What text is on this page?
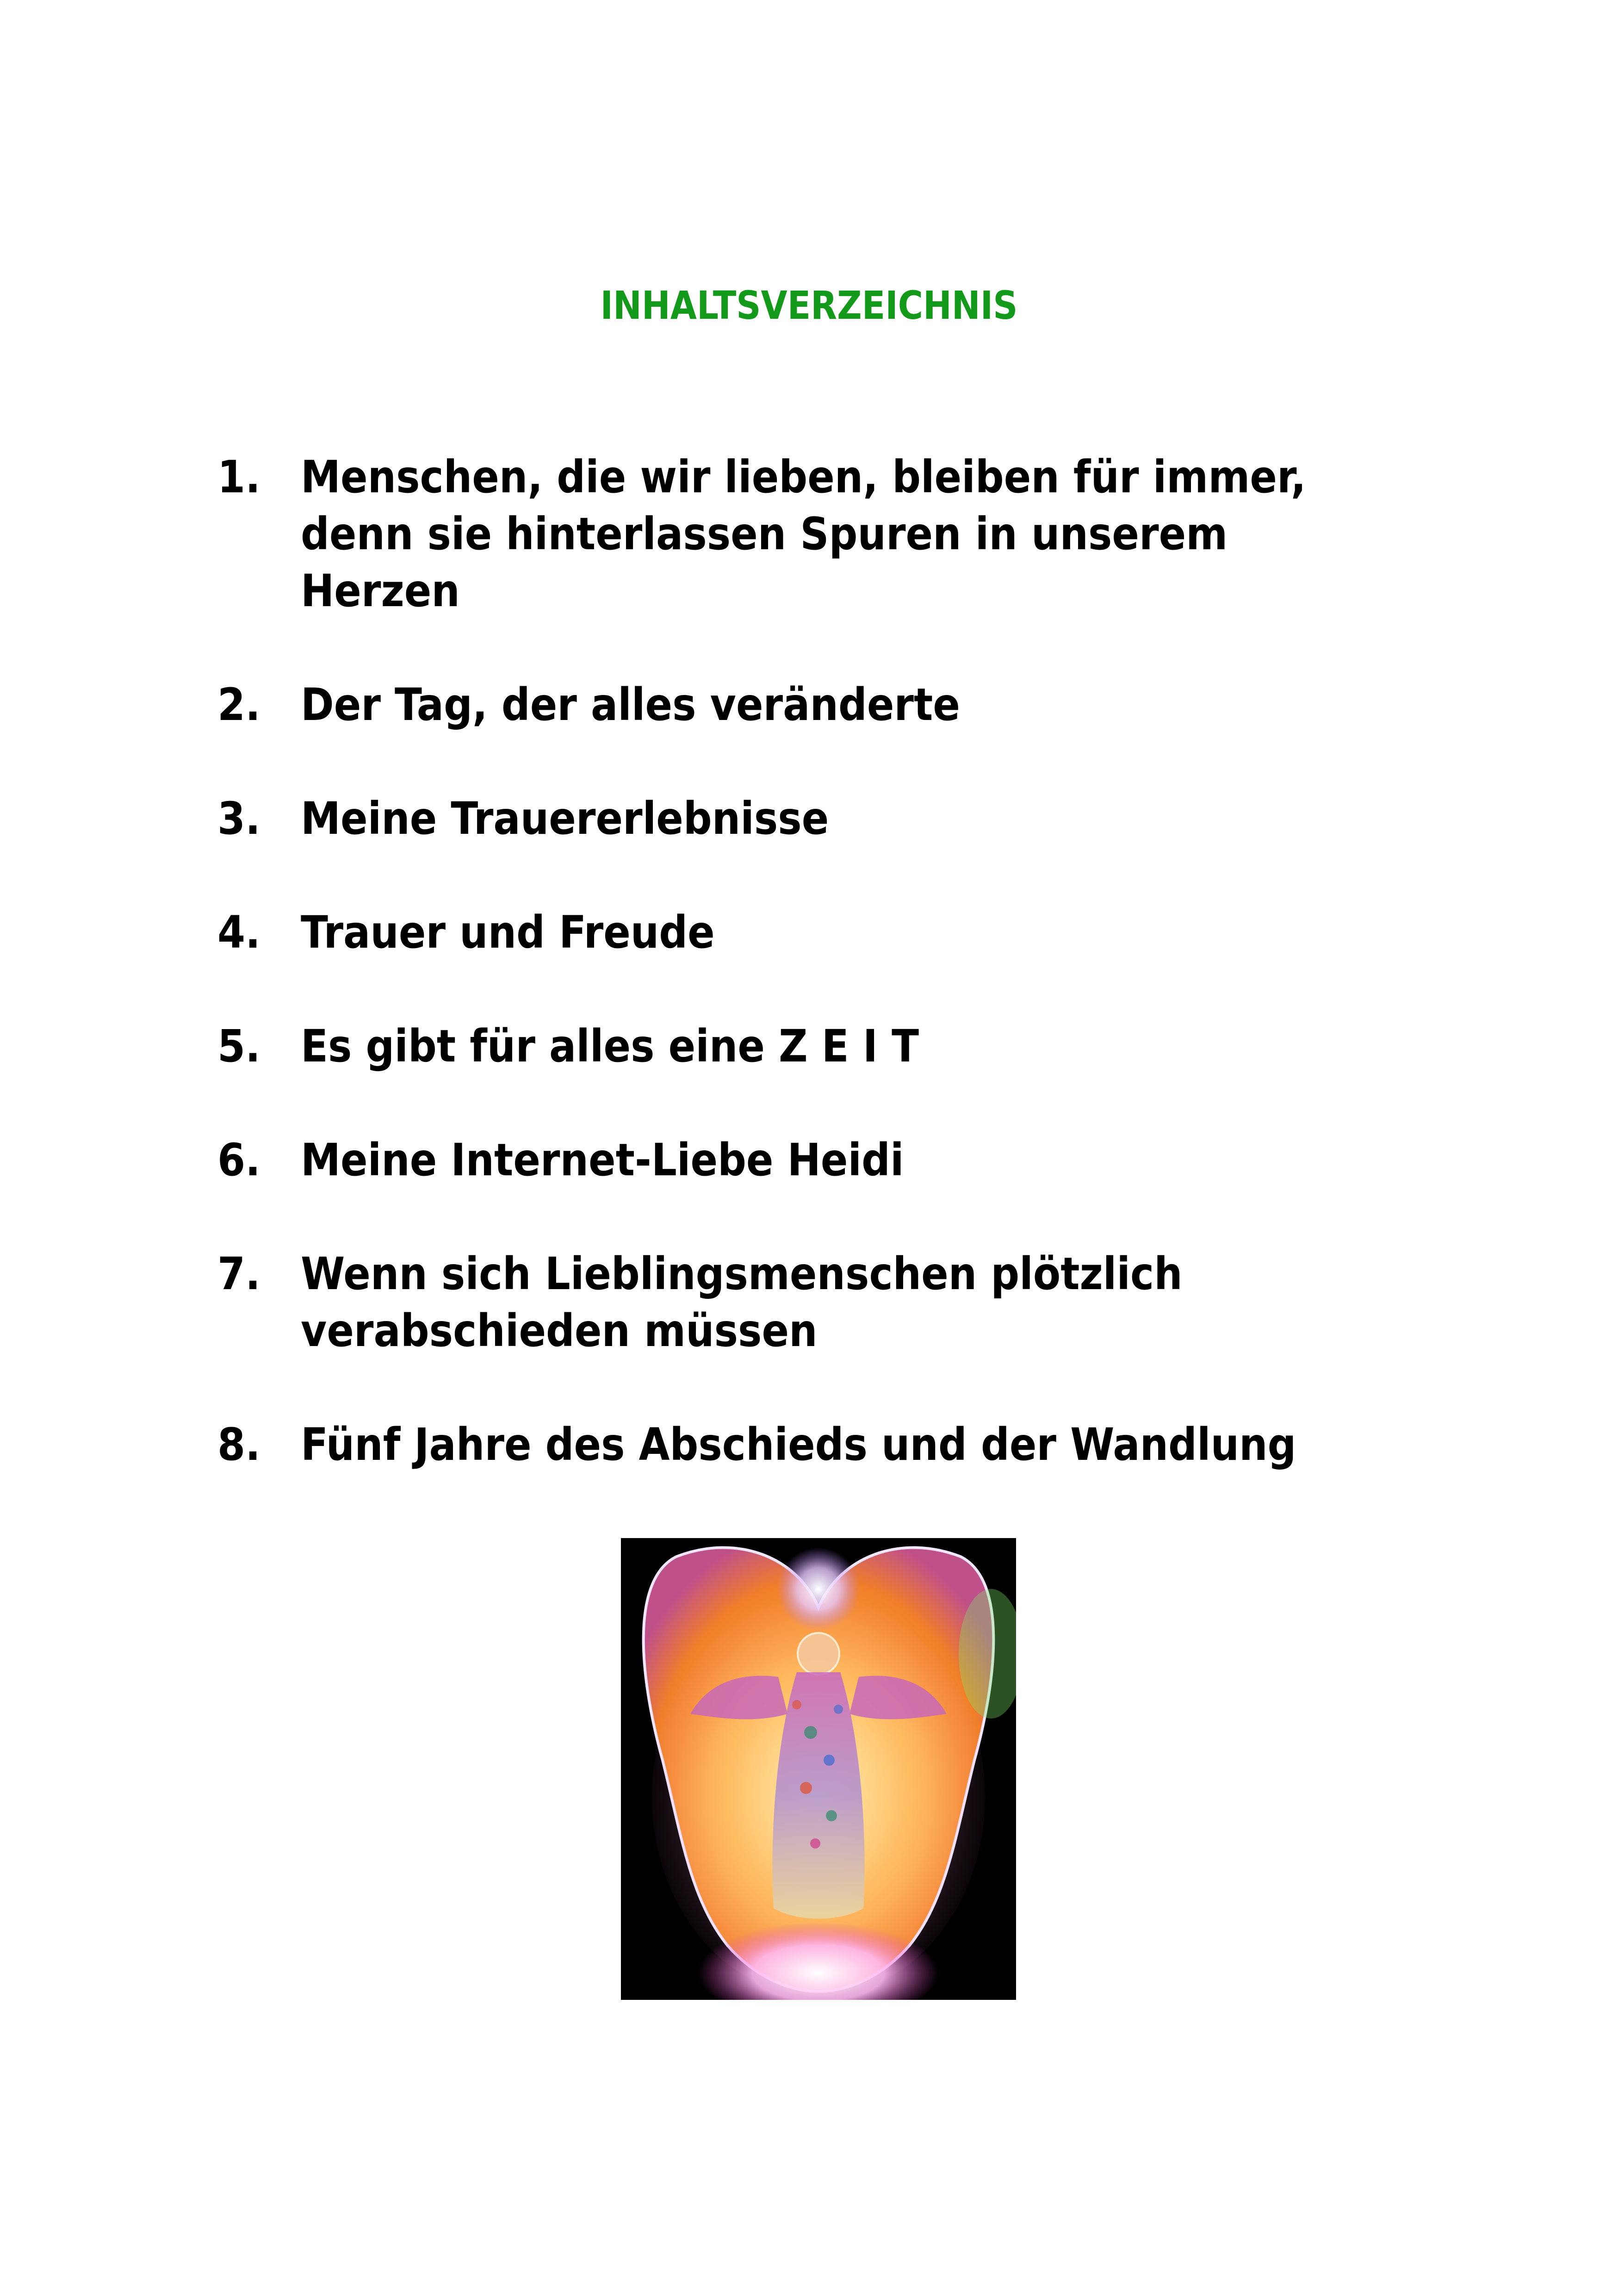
INHALTSVERZEICHNIS
1. Menschen, die wir lieben, bleiben für immer,
denn sie hinterlassen Spuren in unserem Herzen
2. Der Tag, der alles veränderte
3. Meine Trauererlebnisse
4. Trauer und Freude
5. Es gibt für alles eine Z E I T
6. Meine Internet-Liebe Heidi
7. Wenn sich Lieblingsmenschen plötzlich
verabschieden müssen
8. Fünf Jahre des Abschieds und der Wandlung
